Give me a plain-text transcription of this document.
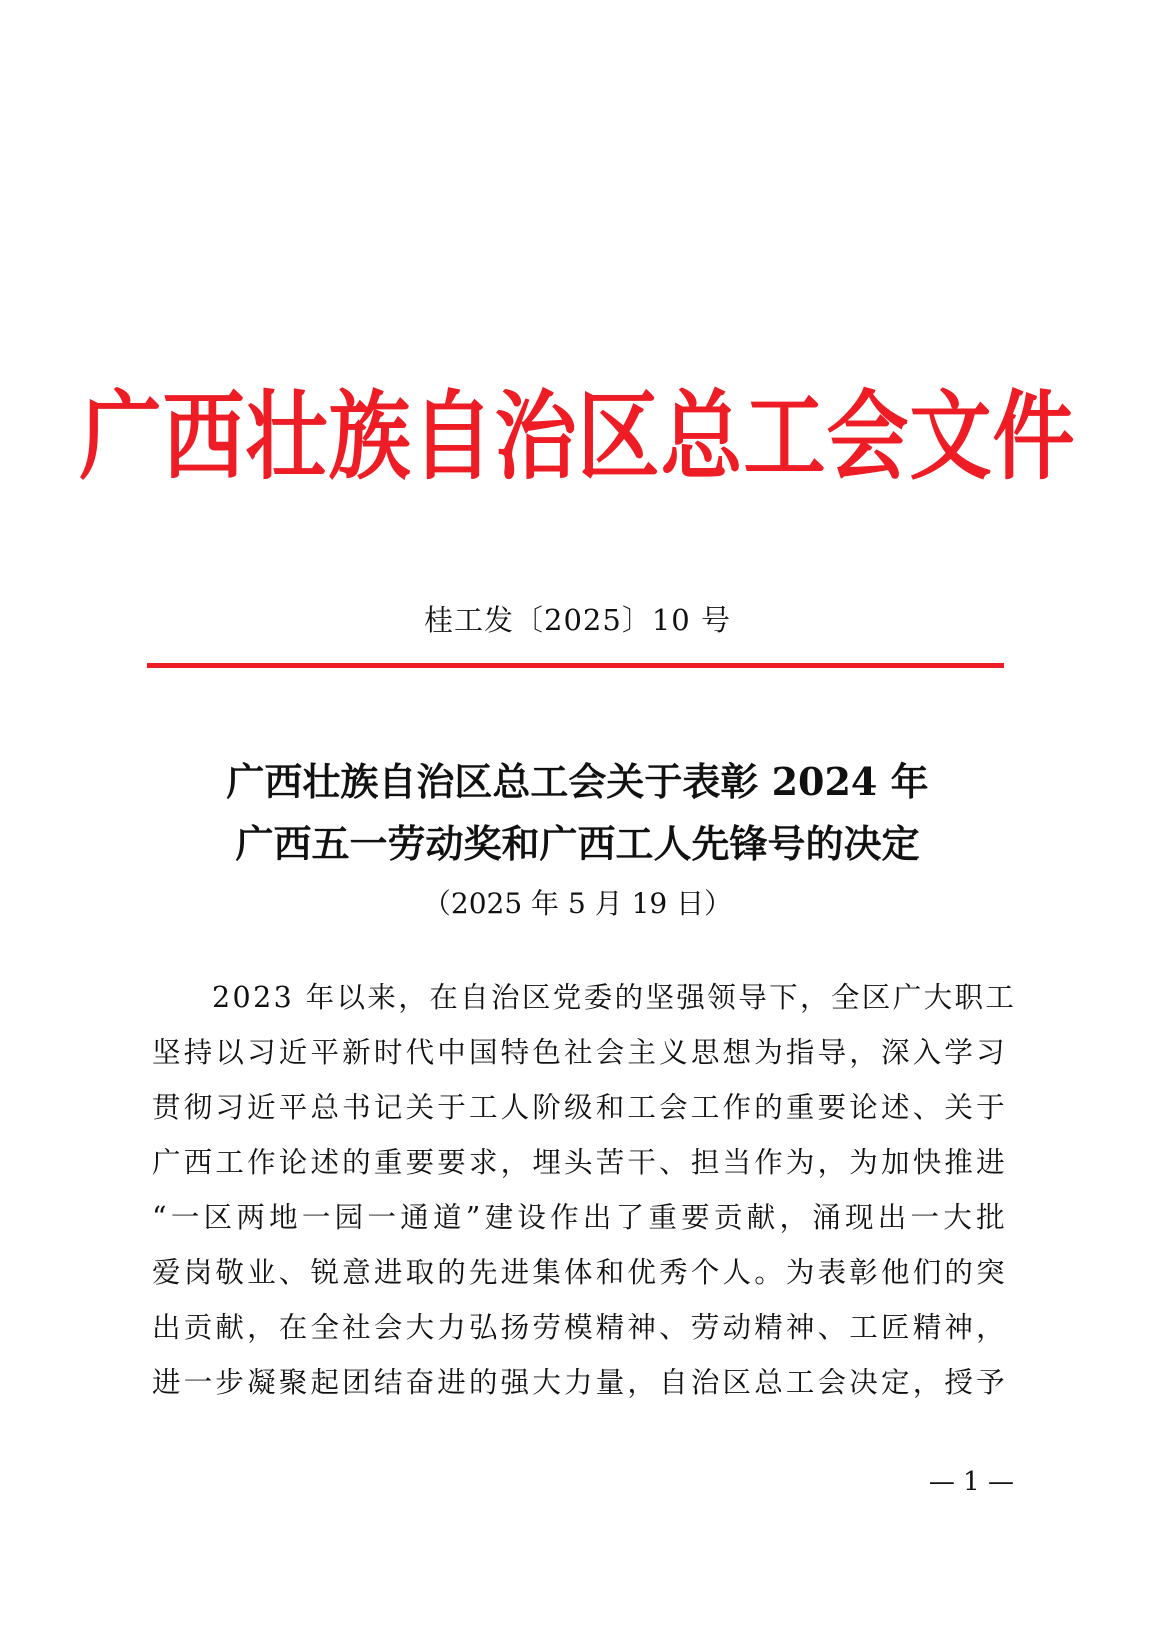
广西壮族自治区总工会文件
桂工发〔2025〕10 号
广西壮族自治区总工会关于表彰 2024 年
广西五一劳动奖和广西工人先锋号的决定
（2025 年 5 月 19 日）
2023 年以来，在自治区党委的坚强领导下，全区广大职工
坚持以习近平新时代中国特色社会主义思想为指导，深入学习
贯彻习近平总书记关于工人阶级和工会工作的重要论述、关于
广西工作论述的重要要求，埋头苦干、担当作为，为加快推进
“一区两地一园一通道”建设作出了重要贡献，涌现出一大批
爱岗敬业、锐意进取的先进集体和优秀个人。为表彰他们的突
出贡献，在全社会大力弘扬劳模精神、劳动精神、工匠精神，
进一步凝聚起团结奋进的强大力量，自治区总工会决定，授予
— 1 —
